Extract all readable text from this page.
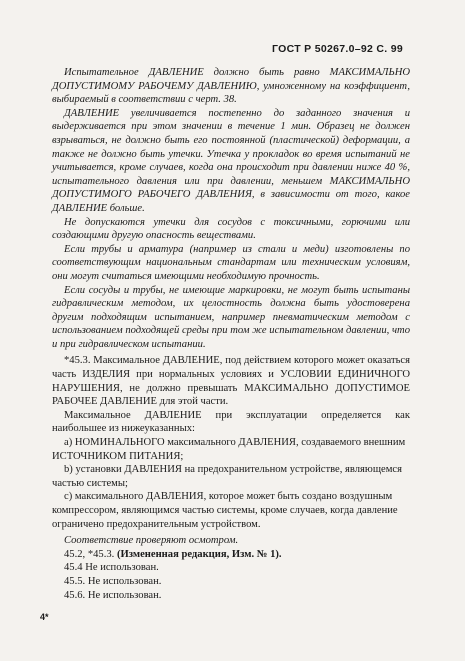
ГОСТ Р 50267.0–92 С. 99

Испытательное ДАВЛЕНИЕ должно быть равно МАКСИМАЛЬНО ДОПУСТИМОМУ РАБОЧЕМУ ДАВЛЕНИЮ, умноженному на коэффициент, выбираемый в соответствии с черт. 38.

ДАВЛЕНИЕ увеличивается постепенно до заданного значения и выдерживается при этом значении в течение 1 мин. Образец не должен взрываться, не должно быть его постоянной (пластической) деформации, а также не должно быть утечки. Утечка у прокладок во время испытаний не учитывается, кроме случаев, когда она происходит при давлении ниже 40 %, испытательного давления или при давлении, меньшем МАКСИМАЛЬНО ДОПУСТИМОГО РАБОЧЕГО ДАВЛЕНИЯ, в зависимости от того, какое ДАВЛЕНИЕ больше.

Не допускаются утечки для сосудов с токсичными, горючими или создающими другую опасность веществами.

Если трубы и арматура (например из стали и меди) изготовлены по соответствующим национальным стандартам или техническим условиям, они могут считаться имеющими необходимую прочность.

Если сосуды и трубы, не имеющие маркировки, не могут быть испытаны гидравлическим методом, их целостность должна быть удостоверена другим подходящим испытанием, например пневматическим методом с использованием подходящей среды при том же испытательном давлении, что и при гидравлическом испытании.

*45.3. Максимальное ДАВЛЕНИЕ, под действием которого может оказаться часть ИЗДЕЛИЯ при нормальных условиях и УСЛОВИИ ЕДИНИЧНОГО НАРУШЕНИЯ, не должно превышать МАКСИМАЛЬНО ДОПУСТИМОЕ РАБОЧЕЕ ДАВЛЕНИЕ для этой части.

Максимальное ДАВЛЕНИЕ при эксплуатации определяется как наибольшее из нижеуказанных:

а) НОМИНАЛЬНОГО максимального ДАВЛЕНИЯ, создаваемого внешним ИСТОЧНИКОМ ПИТАНИЯ;
b) установки ДАВЛЕНИЯ на предохранительном устройстве, являющемся частью системы;
с) максимального ДАВЛЕНИЯ, которое может быть создано воздушным компрессором, являющимся частью системы, кроме случаев, когда давление ограничено предохранительным устройством.

Соответствие проверяют осмотром.

45.2, *45.3. (Измененная редакция, Изм. № 1).

45.4 Не использован.

45.5. Не использован.

45.6. Не использован.

4*
